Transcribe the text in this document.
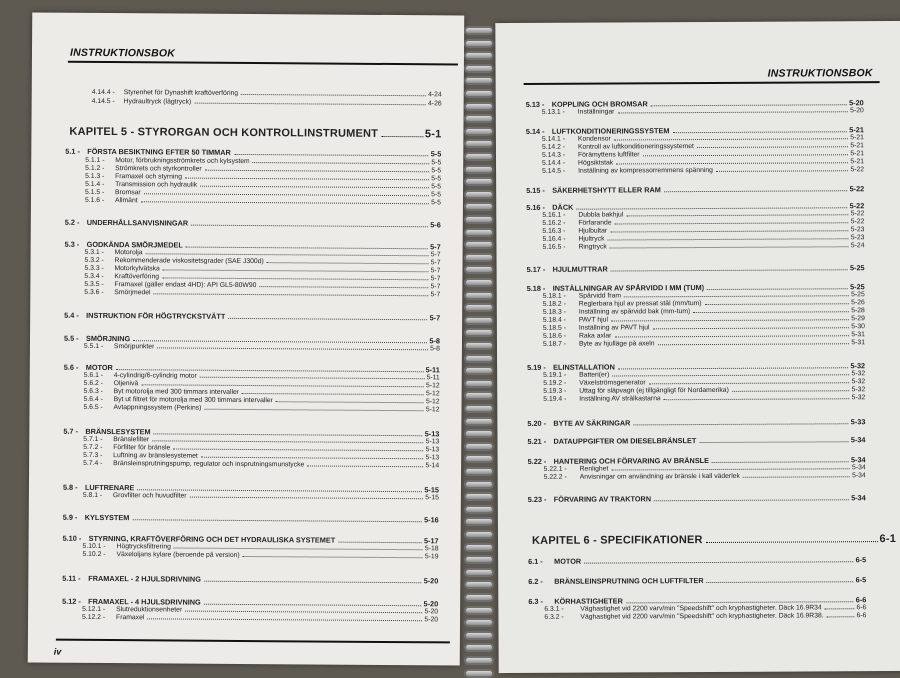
INSTRUKTIONSBOK
4.14.4 -	Styrenhet för Dynashift kraftöverföring	4-24
4.14.5 -	Hydraultryck (lågtryck)	4-26
KAPITEL 5 - STYRORGAN OCH KONTROLLINSTRUMENT	5-1
5.1 -	FÖRSTA BESIKTNING EFTER 50 TIMMAR	5-5
5.1.1 -	Motor, förbrukningsströmkrets och kylsystem	5-5
5.1.2 -	Strömkrets och styrkontroller	5-5
5.1.3 -	Framaxel och styrning	5-5
5.1.4 -	Transmission och hydraulik	5-5
5.1.5 -	Bromsar	5-5
5.1.6 -	Allmänt	5-5
5.2 -	UNDERHÅLLSANVISNINGAR	5-6
5.3 -	GODKÄNDA SMÖRJMEDEL	5-7
5.3.1 -	Motorolja	5-7
5.3.2 -	Rekommenderade viskositetsgrader (SAE J300d)	5-7
5.3.3 -	Motorkylvätska	5-7
5.3.4 -	Kraftöverföring	5-7
5.3.5 -	Framaxel (gäller endast 4HD): API GL5-80W90	5-7
5.3.6 -	Smörjmedel	5-7
5.4 -	INSTRUKTION FÖR HÖGTRYCKSTVÄTT	5-7
5.5 -	SMÖRJNING	5-8
5.5.1 -	Smörjpunkter	5-8
5.6 -	MOTOR	5-11
5.6.1 -	4-cylindrig/6-cylindrig motor	5-11
5.6.2 -	Oljenivå	5-12
5.6.3 -	Byt motorolja med 300 timmars intervaller	5-12
5.6.4 -	Byt ut filtret för motorolja med 300 timmars intervaller	5-12
5.6.5 -	Avtappningssystem (Perkins)	5-12
5.7 -	BRÄNSLESYSTEM	5-13
5.7.1 -	Bränslefilter	5-13
5.7.2 -	Förfilter för bränsle	5-13
5.7.3 -	Luftning av bränslesystemet	5-13
5.7.4 -	Bränsleinsprutningspump, regulator och insprutningsmunstycke	5-14
5.8 -	LUFTRENARE	5-15
5.8.1 -	Grovfilter och huvudfilter	5-15
5.9 -	KYLSYSTEM	5-16
5.10 - STYRNING, KRAFTÖVERFÖRING OCH DET HYDRAULISKA SYSTEMET	5-17
5.10.1 -	Högtrycksfiltrering	5-18
5.10.2 -	Växeloljans kylare (beroende på version)	5-19
5.11 -	FRAMAXEL - 2 HJULSDRIVNING	5-20
5.12 - FRAMAXEL - 4 HJULSDRIVNING	5-20
5.12.1 -	Slutreduktionsenheter	5-20
5.12.2 -	Framaxel	5-20
iv
INSTRUKTIONSBOK
5.13 - KOPPLING OCH BROMSAR	5-20
5.13.1 -	Inställningar	5-20
5.14 - LUFTKONDITIONERINGSSYSTEM	5-21
5.14.1 -	Kondensor	5-21
5.14.2 -	Kontroll av luftkonditioneringssystemet	5-21
5.14.3 -	Förämyttens luftfilter	5-21
5.14.4 -	Högsiktstak	5-21
5.14.5 -	Inställning av kompressorremmens spänning	5-22
5.15 - SÄKERHETSHYTT ELLER RAM	5-22
5.16 - DÄCK	5-22
5.16.1 -	Dubbla bakhjul	5-22
5.16.2 -	Förfarande	5-22
5.16.3 -	Hjulbultar	5-23
5.16.4 -	Hjultryck	5-23
5.16.5 -	Ringtryck	5-24
5.17 - HJULMUTTRAR	5-25
5.18 - INSTÄLLNINGAR AV SPÅRVIDD I MM (TUM)	5-25
5.18.1 -	Spårvidd fram	5-25
5.18.2 -	Reglerbara hjul av pressat stål (mm/tum)	5-26
5.18.3 -	Inställning av spårvidd bak (mm-tum)	5-28
5.18.4 -	PAVT hjul	5-29
5.18.5 -	Inställning av PAVT hjul	5-30
5.18.6 -	Raka axlar	5-31
5.18.7 -	Byte av hjulläge på axeln	5-31
5.19 - ELINSTALLATION	5-32
5.19.1 -	Batteri(er)	5-32
5.19.2 -	Växelströmsgenerator	5-32
5.19.3 -	Uttag för släpvagn (ej tillgängligt för Nordamerika)	5-32
5.19.4 -	Inställning AV strålkastarna	5-32
5.20 - BYTE AV SÄKRINGAR	5-33
5.21 - DATAUPPGIFTER OM DIESELBRÄNSLET	5-34
5.22 - HANTERING OCH FÖRVARING AV BRÄNSLE	5-34
5.22.1 -	Renlighet	5-34
5.22.2 -	Anvisningar om användning av bränsle i kall väderlek	5-34
5.23 - FÖRVARING AV TRAKTORN	5-34
KAPITEL 6 - SPECIFIKATIONER	6-1
6.1 -	MOTOR	6-5
6.2 -	BRÄNSLEINSPRUTNING OCH LUFTFILTER	6-5
6.3 -	KÖRHASTIGHETER	6-6
6.3.1 -	Väghastighet vid 2200 varv/min "Speedshift" och kryphastigheter. Däck 16.9R34	6-6
6.3.2 -	Väghastighet vid 2200 varv/min "Speedshift" och kryphastigheter. Däck 16.9R38.	6-6
